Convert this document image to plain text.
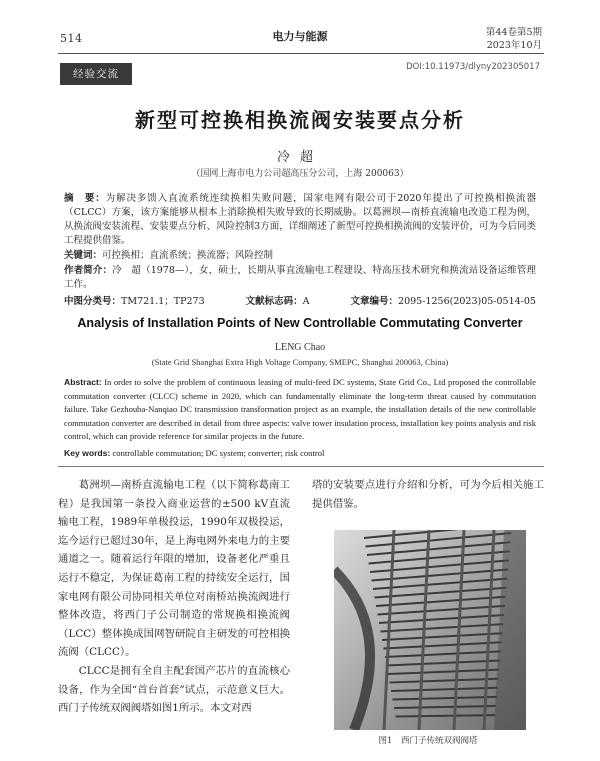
514	电力与能源	第44卷第5期
2023年10月
经验交流
DOI:10.11973/dlyny202305017
新型可控换相换流阀安装要点分析
冷超
（国网上海市电力公司超高压分公司，上海 200063）
摘　要：为解决多馈入直流系统连续换相失败问题，国家电网有限公司于2020年提出了可控换相换流器（CLCC）方案，该方案能够从根本上消除换相失败导致的长期威胁。以葛洲坝—南桥直流输电改造工程为例，从换流阀安装流程、安装要点分析、风险控制3方面，详细阐述了新型可控换相换流阀的安装评价，可为今后同类工程提供借鉴。
关键词：可控换相；直流系统；换流器；风险控制
作者简介：冷　超（1978—），女，硕士，长期从事直流输电工程建设、特高压技术研究和换流站设备运维管理工作。
中图分类号：TM721.1；TP273	文献标志码：A	文章编号：2095-1256(2023)05-0514-05
Analysis of Installation Points of New Controllable Commutating Converter
LENG Chao
(State Grid Shanghai Extra High Voltage Company, SMEPC, Shanghai 200063, China)
Abstract: In order to solve the problem of continuous leasing of multi-feed DC systems, State Grid Co., Ltd proposed the controllable commutation converter (CLCC) scheme in 2020, which can fundamentally eliminate the long-term threat caused by commutation failure. Take Gezhouba-Nanqiao DC transmission transformation project as an example, the installation details of the new controllable commutation converter are described in detail from three aspects: valve tower insulation process, installation key points analysis and risk control, which can provide reference for similar projects in the future.
Key words: controllable commutation; DC system; converter; risk control

葛洲坝—南桥直流输电工程（以下简称葛南工程）是我国第一条投入商业运营的±500 kV直流输电工程，1989年单极投运，1990年双极投运，迄今运行已超过30年，是上海电网外来电力的主要通道之一。随着运行年限的增加，设备老化严重且运行不稳定，为保证葛南工程的持续安全运行，国家电网有限公司协同相关单位对南桥站换流阀进行整体改造，将西门子公司制造的常规换相换流阀（LCC）整体换成国网智研院自主研发的可控相换流阀（CLCC）。

CLCC是拥有全自主配套国产芯片的直流核心设备，作为全国“首台首套”试点，示范意义巨大。西门子传统双阀阀塔如图1所示。本文对西

塔的安装要点进行介绍和分析，可为今后相关施工提供借鉴。
图1　西门子传统双阀阀塔
